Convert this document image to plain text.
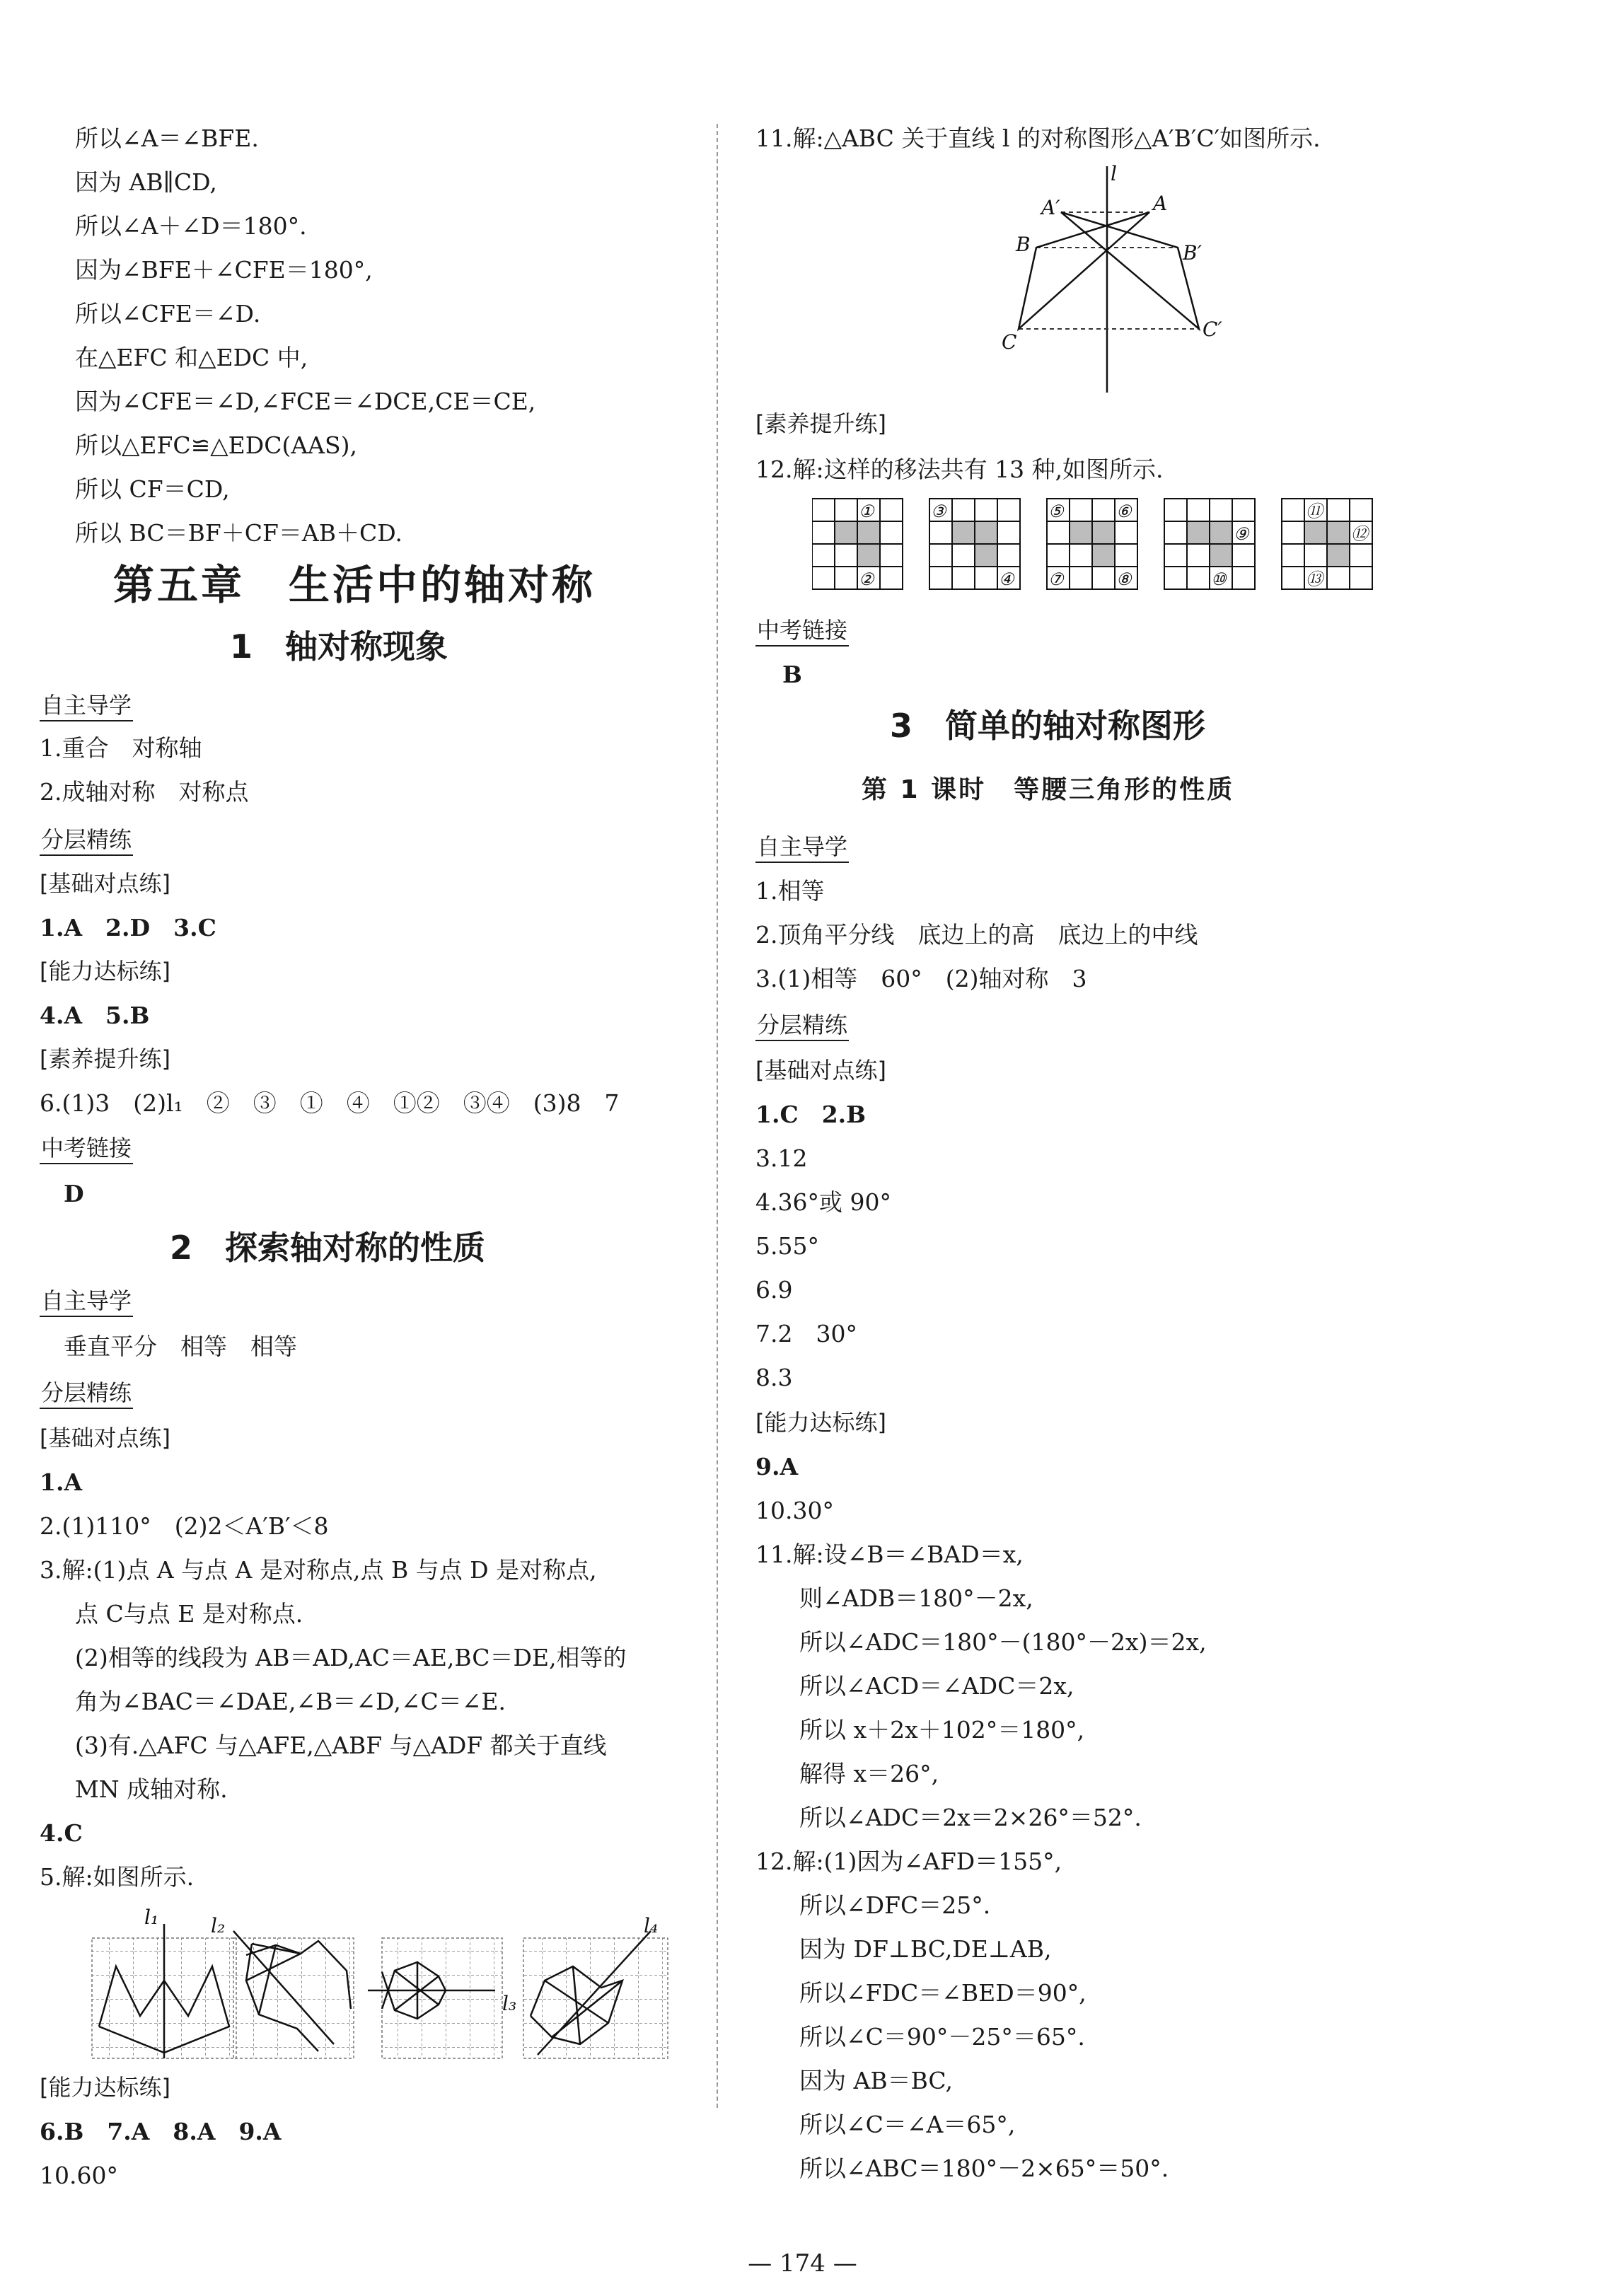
所以∠A＝∠BFE.
因为 AB∥CD,
所以∠A＋∠D＝180°.
因为∠BFE＋∠CFE＝180°,
所以∠CFE＝∠D.
在△EFC 和△EDC 中,
因为∠CFE＝∠D,∠FCE＝∠DCE,CE＝CE,
所以△EFC≌△EDC(AAS),
所以 CF＝CD,
所以 BC＝BF＋CF＝AB＋CD.
第五章　生活中的轴对称
1　轴对称现象
自主导学
1.重合　对称轴
2.成轴对称　对称点
分层精练
[基础对点练]
1.A　2.D　3.C
[能力达标练]
4.A　5.B
[素养提升练]
6.(1)3　(2)l₁　②　③　①　④　①②　③④　(3)8　7
中考链接
D
2　探索轴对称的性质
自主导学
垂直平分　相等　相等
分层精练
[基础对点练]
1.A
2.(1)110°　(2)2＜A′B′＜8
3.解:(1)点 A 与点 A 是对称点,点 B 与点 D 是对称点,
点 C与点 E 是对称点.
(2)相等的线段为 AB＝AD,AC＝AE,BC＝DE,相等的
角为∠BAC＝∠DAE,∠B＝∠D,∠C＝∠E.
(3)有.△AFC 与△AFE,△ABF 与△ADF 都关于直线
MN 成轴对称.
4.C
5.解:如图所示.
l₁	l₂
l₃
l₄
[能力达标练]
6.B　7.A　8.A　9.A
10.60°
11.解:△ABC 关于直线 l 的对称图形△A′B′C′如图所示.
l
A′	A
B	B′
C
C′
[素养提升练]
12.解:这样的移法共有 13 种,如图所示.
①
②
③
④
⑤	⑥
⑦	⑧
⑨
⑩
⑪
⑫
⑬
中考链接
B
3　简单的轴对称图形
第 1 课时　等腰三角形的性质
自主导学
1.相等
2.顶角平分线　底边上的高　底边上的中线
3.(1)相等　60°　(2)轴对称　3
分层精练
[基础对点练]
1.C　2.B
3.12
4.36°或 90°
5.55°
6.9
7.2　30°
8.3
[能力达标练]
9.A
10.30°
11.解:设∠B＝∠BAD＝x,
则∠ADB＝180°－2x,
所以∠ADC＝180°－(180°－2x)＝2x,
所以∠ACD＝∠ADC＝2x,
所以 x＋2x＋102°＝180°,
解得 x＝26°,
所以∠ADC＝2x＝2×26°＝52°.
12.解:(1)因为∠AFD＝155°,
所以∠DFC＝25°.
因为 DF⊥BC,DE⊥AB,
所以∠FDC＝∠BED＝90°,
所以∠C＝90°－25°＝65°.
因为 AB＝BC,
所以∠C＝∠A＝65°,
所以∠ABC＝180°－2×65°＝50°.
— 174 —
